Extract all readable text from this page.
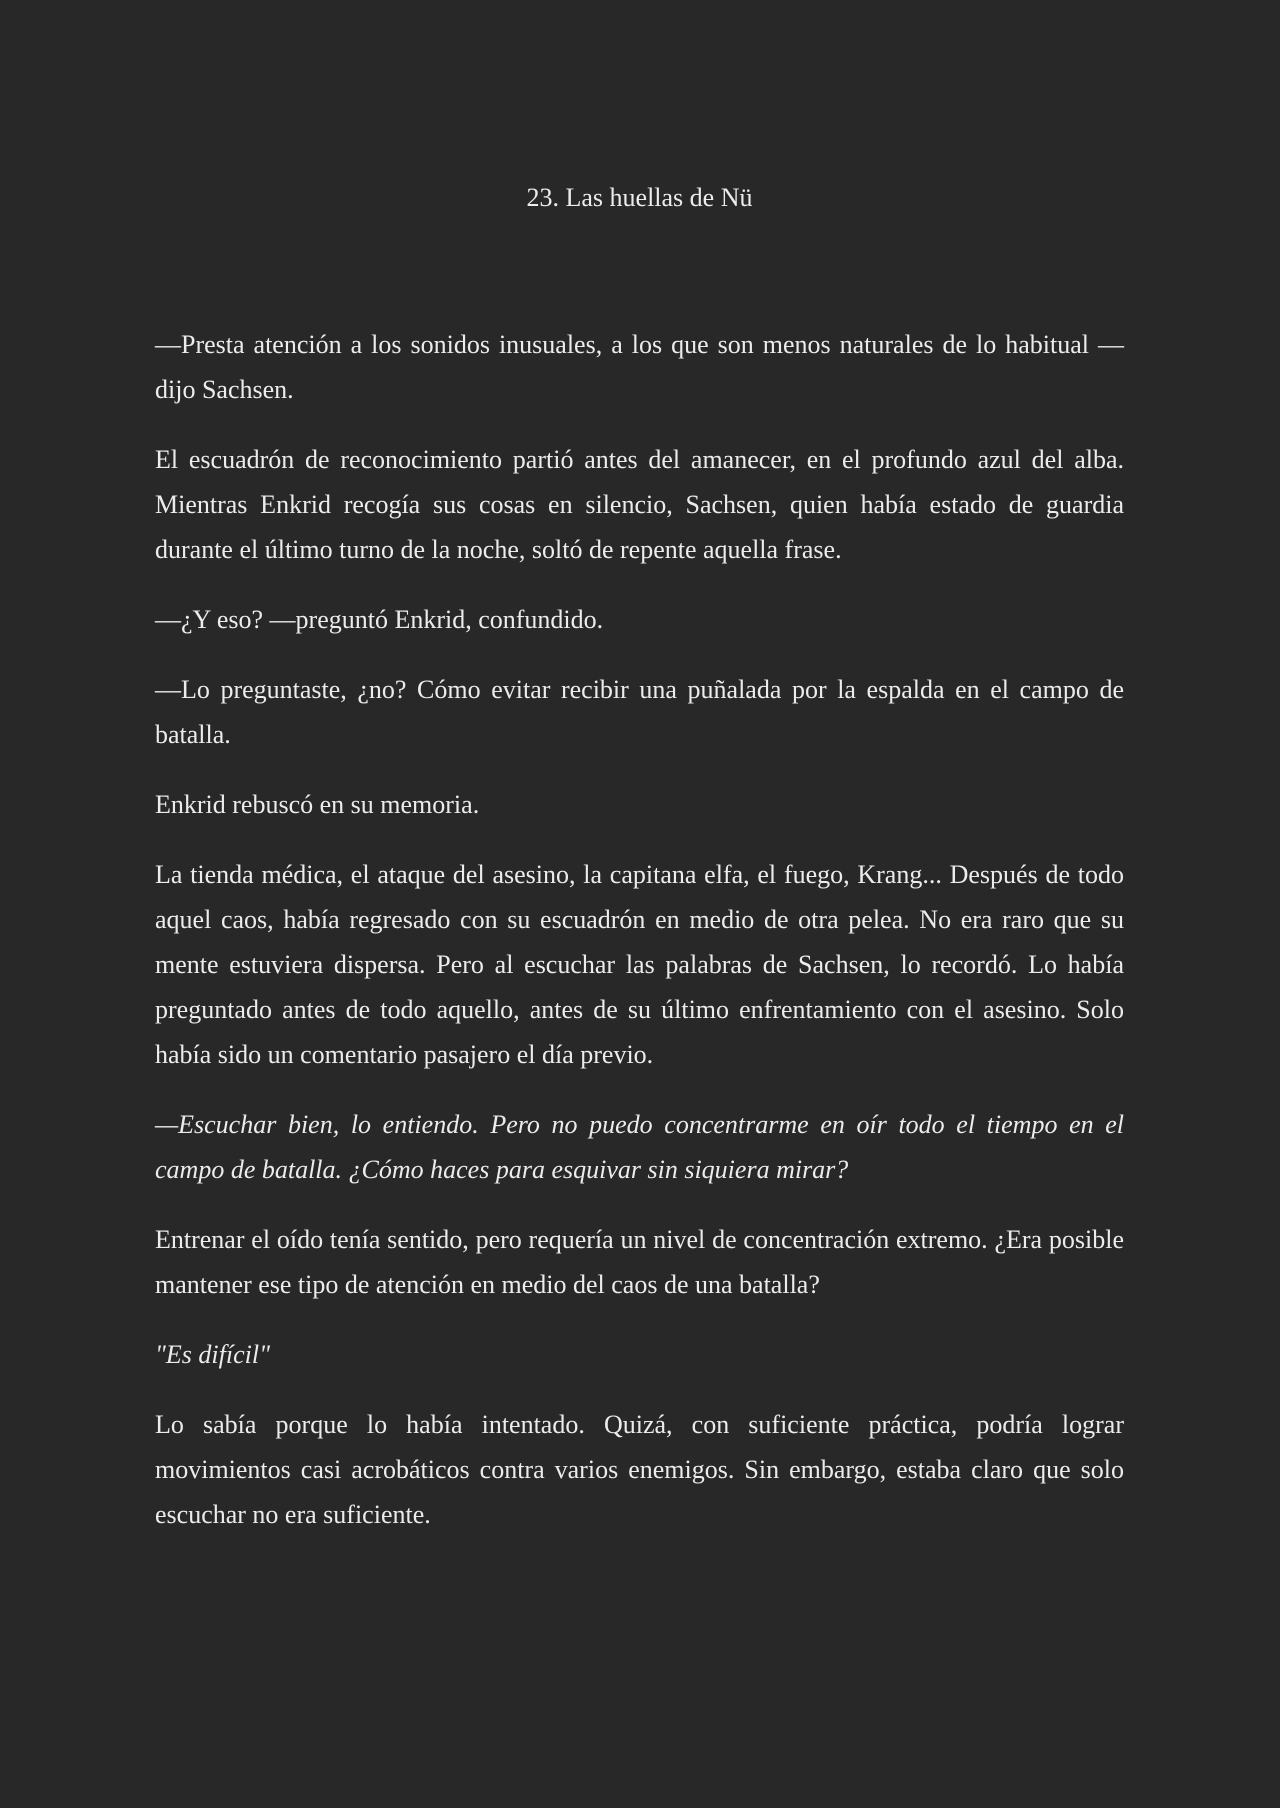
23. Las huellas de Nü

—Presta atención a los sonidos inusuales, a los que son menos naturales de lo habitual —dijo Sachsen.

El escuadrón de reconocimiento partió antes del amanecer, en el profundo azul del alba. Mientras Enkrid recogía sus cosas en silencio, Sachsen, quien había estado de guardia durante el último turno de la noche, soltó de repente aquella frase.

—¿Y eso? —preguntó Enkrid, confundido.

—Lo preguntaste, ¿no? Cómo evitar recibir una puñalada por la espalda en el campo de batalla.

Enkrid rebuscó en su memoria.

La tienda médica, el ataque del asesino, la capitana elfa, el fuego, Krang... Después de todo aquel caos, había regresado con su escuadrón en medio de otra pelea. No era raro que su mente estuviera dispersa. Pero al escuchar las palabras de Sachsen, lo recordó. Lo había preguntado antes de todo aquello, antes de su último enfrentamiento con el asesino. Solo había sido un comentario pasajero el día previo.

—Escuchar bien, lo entiendo. Pero no puedo concentrarme en oír todo el tiempo en el campo de batalla. ¿Cómo haces para esquivar sin siquiera mirar?

Entrenar el oído tenía sentido, pero requería un nivel de concentración extremo. ¿Era posible mantener ese tipo de atención en medio del caos de una batalla?

"Es difícil"

Lo sabía porque lo había intentado. Quizá, con suficiente práctica, podría lograr movimientos casi acrobáticos contra varios enemigos. Sin embargo, estaba claro que solo escuchar no era suficiente.
